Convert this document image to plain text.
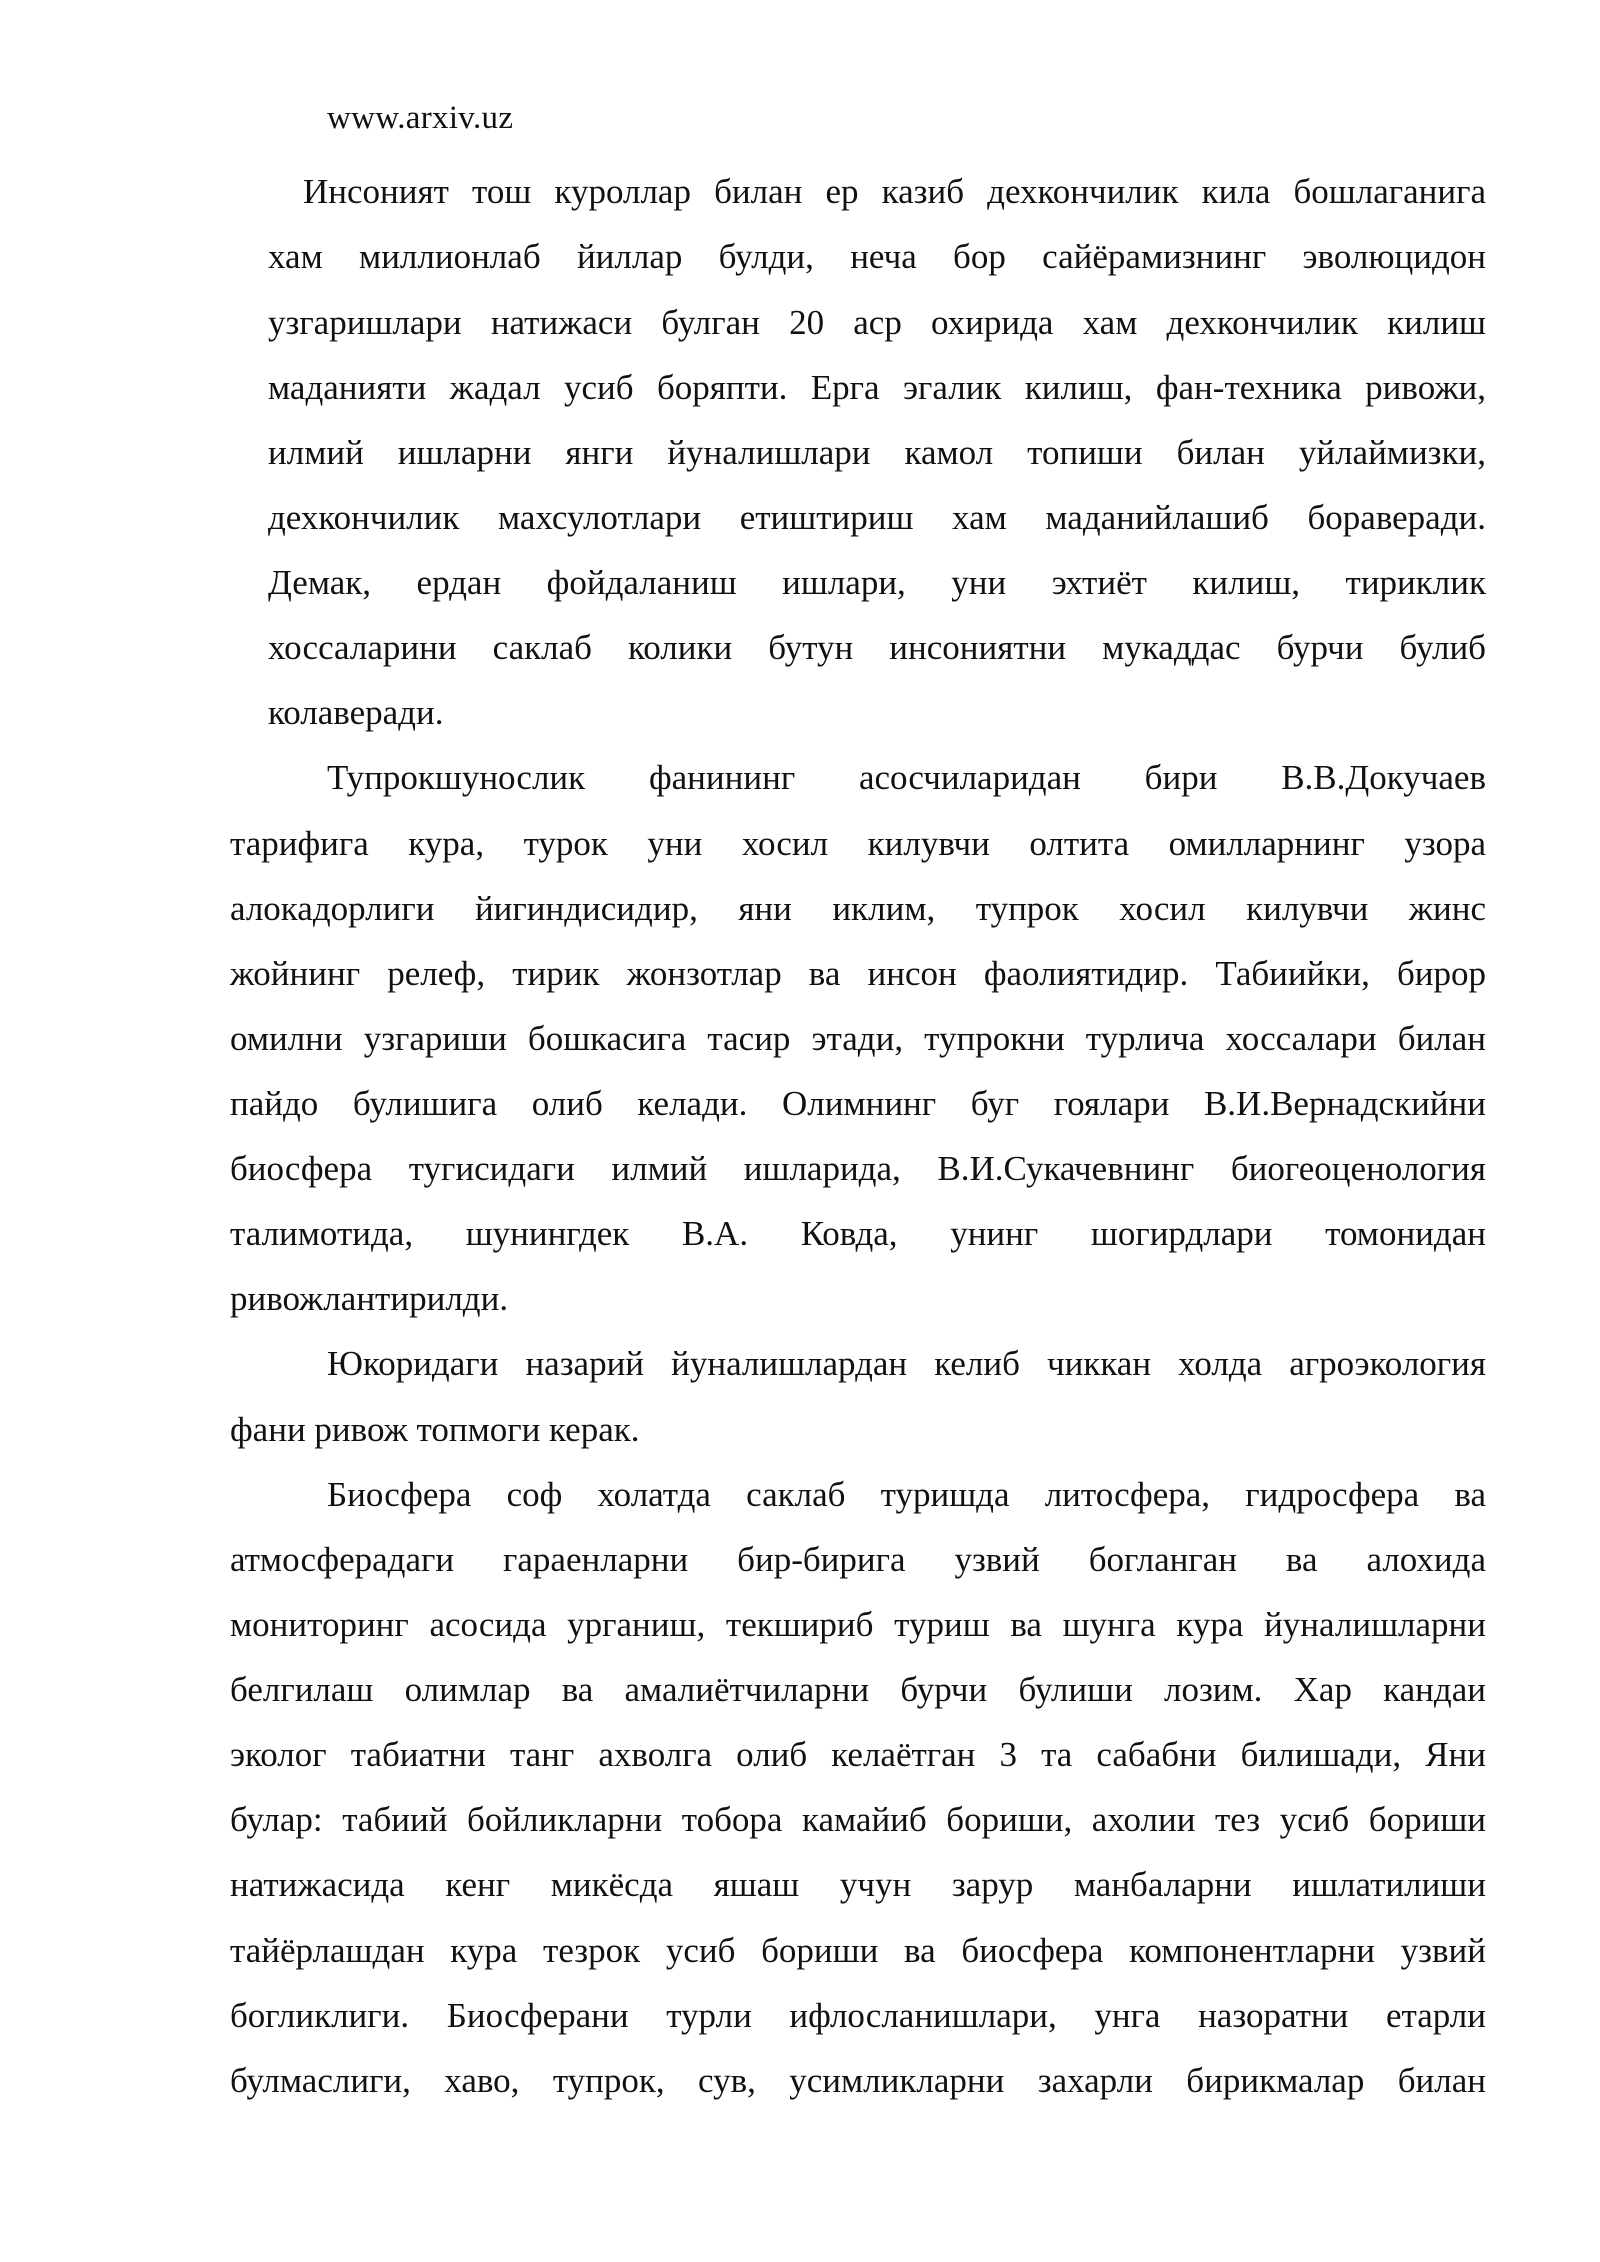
www.arxiv.uz
Инсоният тош куроллар билан ер казиб дехкончилик кила бошлаганига
хам миллионлаб йиллар булди, неча бор сайёрамизнинг эволюцидон
узгаришлари натижаси булган 20 аср охирида хам дехкончилик килиш
маданияти жадал усиб боряпти. Ерга эгалик килиш, фан-техника ривожи,
илмий ишларни янги йуналишлари камол топиши билан уйлаймизки,
дехкончилик махсулотлари етиштириш хам маданийлашиб бораверади.
Демак, ердан фойдаланиш ишлари, уни эхтиёт килиш, тириклик
хоссаларини саклаб колики бутун инсониятни мукаддас бурчи булиб
колаверади.
Тупрокшунослик фанининг асосчиларидан бири В.В.Докучаев
тарифига кура, турок уни хосил килувчи олтита омилларнинг узора
алокадорлиги йигиндисидир, яни иклим, тупрок хосил килувчи жинс
жойнинг релеф, тирик жонзотлар ва инсон фаолиятидир. Табиийки, бирор
омилни узгариши бошкасига тасир этади, тупрокни турлича хоссалари билан
пайдо булишига олиб келади. Олимнинг буг гоялари В.И.Вернадскийни
биосфера тугисидаги илмий ишларида, В.И.Сукачевнинг биогеоценология
талимотида, шунингдек В.А. Ковда, унинг шогирдлари томонидан
ривожлантирилди.
Юкоридаги назарий йуналишлардан келиб чиккан холда агроэкология
фани ривож топмоги керак.
Биосфера соф холатда саклаб туришда литосфера, гидросфера ва
атмосферадаги гараенларни бир-бирига узвий богланган ва алохида
мониторинг асосида урганиш, текшириб туриш ва шунга кура йуналишларни
белгилаш олимлар ва амалиётчиларни бурчи булиши лозим. Хар кандаи
эколог табиатни танг ахволга олиб келаётган 3 та сабабни билишади, Яни
булар: табиий бойликларни тобора камайиб бориши, ахолии тез усиб бориши
натижасида кенг микёсда яшаш учун зарур манбаларни ишлатилиши
тайёрлашдан кура тезрок усиб бориши ва биосфера компонентларни узвий
богликлиги. Биосферани турли ифлосланишлари, унга назоратни етарли
булмаслиги, хаво, тупрок, сув, усимликларни захарли бирикмалар билан
